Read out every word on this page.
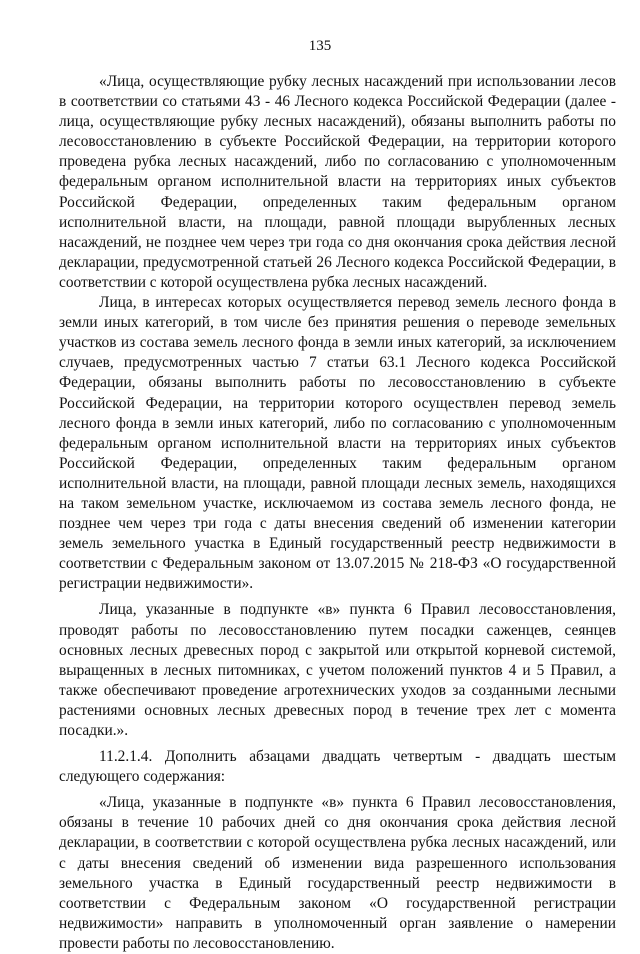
135

«Лица, осуществляющие рубку лесных насаждений при использовании лесов в соответствии со статьями 43 - 46 Лесного кодекса Российской Федерации (далее - лица, осуществляющие рубку лесных насаждений), обязаны выполнить работы по лесовосстановлению в субъекте Российской Федерации, на территории которого проведена рубка лесных насаждений, либо по согласованию с уполномоченным федеральным органом исполнительной власти на территориях иных субъектов Российской Федерации, определенных таким федеральным органом исполнительной власти, на площади, равной площади вырубленных лесных насаждений, не позднее чем через три года со дня окончания срока действия лесной декларации, предусмотренной статьей 26 Лесного кодекса Российской Федерации, в соответствии с которой осуществлена рубка лесных насаждений.

Лица, в интересах которых осуществляется перевод земель лесного фонда в земли иных категорий, в том числе без принятия решения о переводе земельных участков из состава земель лесного фонда в земли иных категорий, за исключением случаев, предусмотренных частью 7 статьи 63.1 Лесного кодекса Российской Федерации, обязаны выполнить работы по лесовосстановлению в субъекте Российской Федерации, на территории которого осуществлен перевод земель лесного фонда в земли иных категорий, либо по согласованию с уполномоченным федеральным органом исполнительной власти на территориях иных субъектов Российской Федерации, определенных таким федеральным органом исполнительной власти, на площади, равной площади лесных земель, находящихся на таком земельном участке, исключаемом из состава земель лесного фонда, не позднее чем через три года с даты внесения сведений об изменении категории земель земельного участка в Единый государственный реестр недвижимости в соответствии с Федеральным законом от 13.07.2015 № 218-ФЗ «О государственной регистрации недвижимости».

Лица, указанные в подпункте «в» пункта 6 Правил лесовосстановления, проводят работы по лесовосстановлению путем посадки саженцев, сеянцев основных лесных древесных пород с закрытой или открытой корневой системой, выращенных в лесных питомниках, с учетом положений пунктов 4 и 5 Правил, а также обеспечивают проведение агротехнических уходов за созданными лесными растениями основных лесных древесных пород в течение трех лет с момента посадки.».

11.2.1.4. Дополнить абзацами двадцать четвертым - двадцать шестым следующего содержания:

«Лица, указанные в подпункте «в» пункта 6 Правил лесовосстановления, обязаны в течение 10 рабочих дней со дня окончания срока действия лесной декларации, в соответствии с которой осуществлена рубка лесных насаждений, или с даты внесения сведений об изменении вида разрешенного использования земельного участка в Единый государственный реестр недвижимости в соответствии с Федеральным законом «О государственной регистрации недвижимости» направить в уполномоченный орган заявление о намерении провести работы по лесовосстановлению.
